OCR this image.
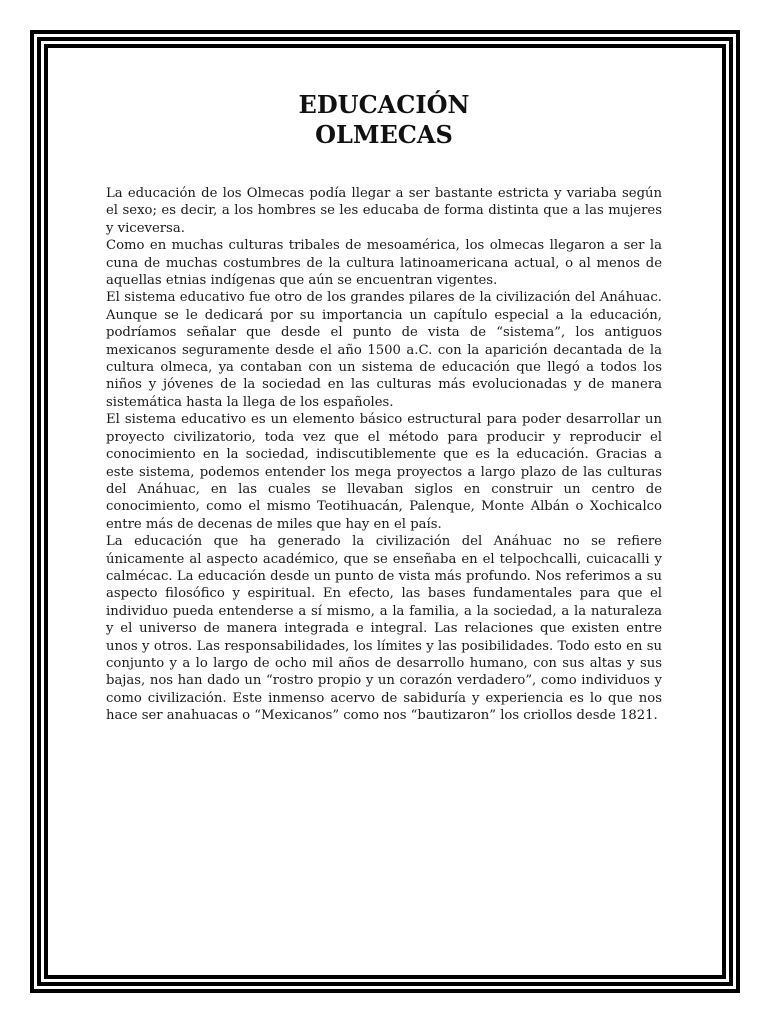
EDUCACIÓN
OLMECAS

La educación de los Olmecas podía llegar a ser bastante estricta y variaba según el sexo; es decir, a los hombres se les educaba de forma distinta que a las mujeres y viceversa.

Como en muchas culturas tribales de mesoamérica, los olmecas llegaron a ser la cuna de muchas costumbres de la cultura latinoamericana actual, o al menos de aquellas etnias indígenas que aún se encuentran vigentes.

El sistema educativo fue otro de los grandes pilares de la civilización del Anáhuac. Aunque se le dedicará por su importancia un capítulo especial a la educación, podríamos señalar que desde el punto de vista de “sistema”, los antiguos mexicanos seguramente desde el año 1500 a.C. con la aparición decantada de la cultura olmeca, ya contaban con un sistema de educación que llegó a todos los niños y jóvenes de la sociedad en las culturas más evolucionadas y de manera sistemática hasta la llega de los españoles.

El sistema educativo es un elemento básico estructural para poder desarrollar un proyecto civilizatorio, toda vez que el método para producir y reproducir el conocimiento en la sociedad, indiscutiblemente que es la educación. Gracias a este sistema, podemos entender los mega proyectos a largo plazo de las culturas del Anáhuac, en las cuales se llevaban siglos en construir un centro de conocimiento, como el mismo Teotihuacán, Palenque, Monte Albán o Xochicalco entre más de decenas de miles que hay en el país.

La educación que ha generado la civilización del Anáhuac no se refiere únicamente al aspecto académico, que se enseñaba en el telpochcalli, cuicacalli y calmécac. La educación desde un punto de vista más profundo. Nos referimos a su aspecto filosófico y espiritual. En efecto, las bases fundamentales para que el individuo pueda entenderse a sí mismo, a la familia, a la sociedad, a la naturaleza y el universo de manera integrada e integral. Las relaciones que existen entre unos y otros. Las responsabilidades, los límites y las posibilidades. Todo esto en su conjunto y a lo largo de ocho mil años de desarrollo humano, con sus altas y sus bajas, nos han dado un “rostro propio y un corazón verdadero”, como individuos y como civilización. Este inmenso acervo de sabiduría y experiencia es lo que nos hace ser anahuacas o “Mexicanos” como nos “bautizaron” los criollos desde 1821.
